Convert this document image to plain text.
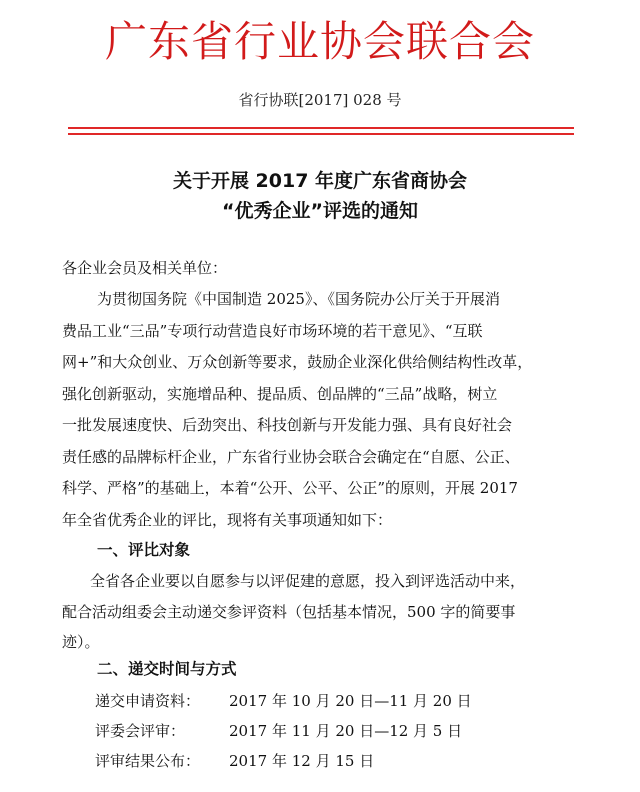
广东省行业协会联合会
省行协联[2017] 028 号
关于开展 2017 年度广东省商协会
“优秀企业”评选的通知
各企业会员及相关单位：
为贯彻国务院《中国制造 2025》、《国务院办公厅关于开展消
费品工业“三品”专项行动营造良好市场环境的若干意见》、“互联
网+”和大众创业、万众创新等要求，鼓励企业深化供给侧结构性改革，
强化创新驱动，实施增品种、提品质、创品牌的“三品”战略，树立
一批发展速度快、后劲突出、科技创新与开发能力强、具有良好社会
责任感的品牌标杆企业，广东省行业协会联合会确定在“自愿、公正、
科学、严格”的基础上，本着“公开、公平、公正”的原则，开展 2017
年全省优秀企业的评比，现将有关事项通知如下：
一、评比对象
全省各企业要以自愿参与以评促建的意愿，投入到评选活动中来，
配合活动组委会主动递交参评资料（包括基本情况，500 字的简要事
迹）。
二、递交时间与方式
递交申请资料：	2017 年 10 月 20 日—11 月 20 日
评委会评审：	2017 年 11 月 20 日—12 月 5 日
评审结果公布：	2017 年 12 月 15 日
